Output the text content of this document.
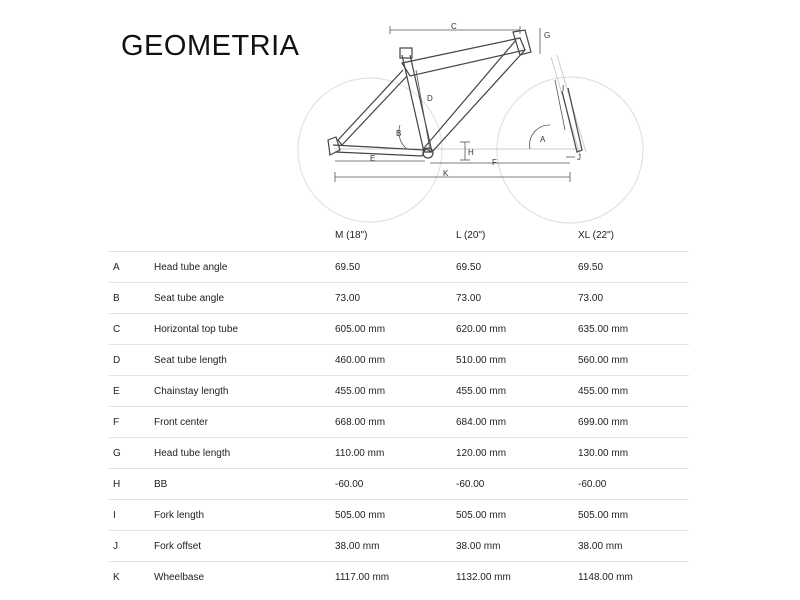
GEOMETRIA
C
G
D
I
B
A
H
E	F
J
K
		M (18")	L (20")	XL (22")
A	Head tube angle	69.50	69.50	69.50
B	Seat tube angle	73.00	73.00	73.00
C	Horizontal top tube	605.00 mm	620.00 mm	635.00 mm
D	Seat tube length	460.00 mm	510.00 mm	560.00 mm
E	Chainstay length	455.00 mm	455.00 mm	455.00 mm
F	Front center	668.00 mm	684.00 mm	699.00 mm
G	Head tube length	110.00 mm	120.00 mm	130.00 mm
H	BB	-60.00	-60.00	-60.00
I	Fork length	505.00 mm	505.00 mm	505.00 mm
J	Fork offset	38.00 mm	38.00 mm	38.00 mm
K	Wheelbase	1117.00 mm	1132.00 mm	1148.00 mm
